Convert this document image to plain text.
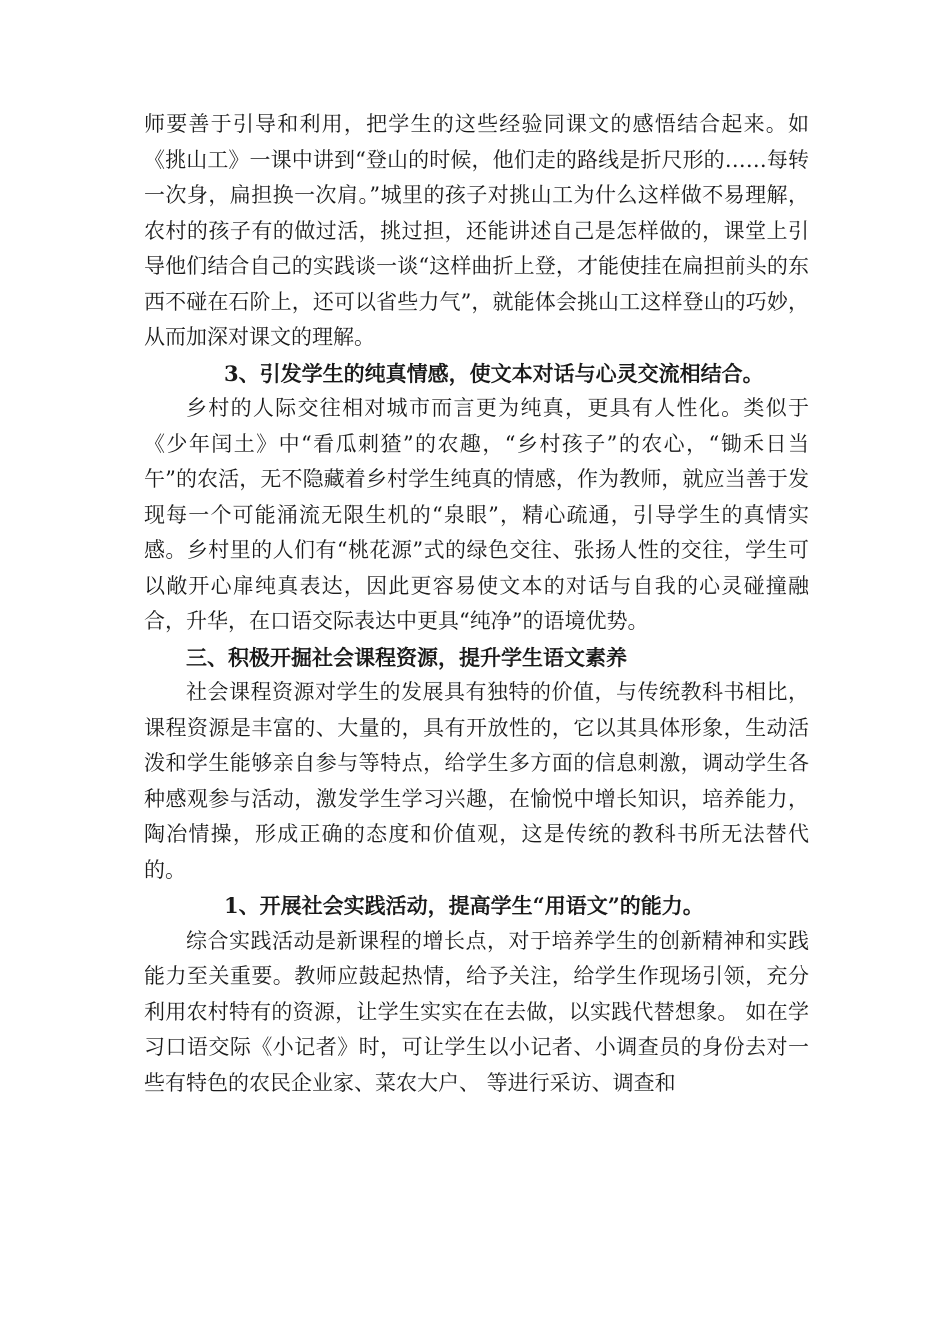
师要善于引导和利用，把学生的这些经验同课文的感悟结合起来。如《挑山工》一课中讲到“登山的时候，他们走的路线是折尺形的……每转一次身，扁担换一次肩。”城里的孩子对挑山工为什么这样做不易理解，农村的孩子有的做过活，挑过担，还能讲述自己是怎样做的，课堂上引导他们结合自己的实践谈一谈“这样曲折上登，才能使挂在扁担前头的东西不碰在石阶上，还可以省些力气”，就能体会挑山工这样登山的巧妙，从而加深对课文的理解。

3、引发学生的纯真情感，使文本对话与心灵交流相结合。

乡村的人际交往相对城市而言更为纯真，更具有人性化。类似于《少年闰土》中“看瓜刺猹”的农趣，“乡村孩子”的农心，“锄禾日当午”的农活，无不隐藏着乡村学生纯真的情感，作为教师，就应当善于发现每一个可能涌流无限生机的“泉眼”，精心疏通，引导学生的真情实感。乡村里的人们有“桃花源”式的绿色交往、张扬人性的交往，学生可以敞开心扉纯真表达，因此更容易使文本的对话与自我的心灵碰撞融合，升华，在口语交际表达中更具“纯净”的语境优势。

三、积极开掘社会课程资源，提升学生语文素养

社会课程资源对学生的发展具有独特的价值，与传统教科书相比，课程资源是丰富的、大量的，具有开放性的，它以其具体形象，生动活泼和学生能够亲自参与等特点，给学生多方面的信息刺激，调动学生各种感观参与活动，激发学生学习兴趣，在愉悦中增长知识，培养能力，陶冶情操，形成正确的态度和价值观，这是传统的教科书所无法替代的。

1、开展社会实践活动，提高学生“用语文”的能力。

综合实践活动是新课程的增长点，对于培养学生的创新精神和实践能力至关重要。教师应鼓起热情，给予关注，给学生作现场引领，充分利用农村特有的资源，让学生实实在在去做，以实践代替想象。 如在学习口语交际《小记者》时，可让学生以小记者、小调查员的身份去对一些有特色的农民企业家、菜农大户、 等进行采访、调查和
